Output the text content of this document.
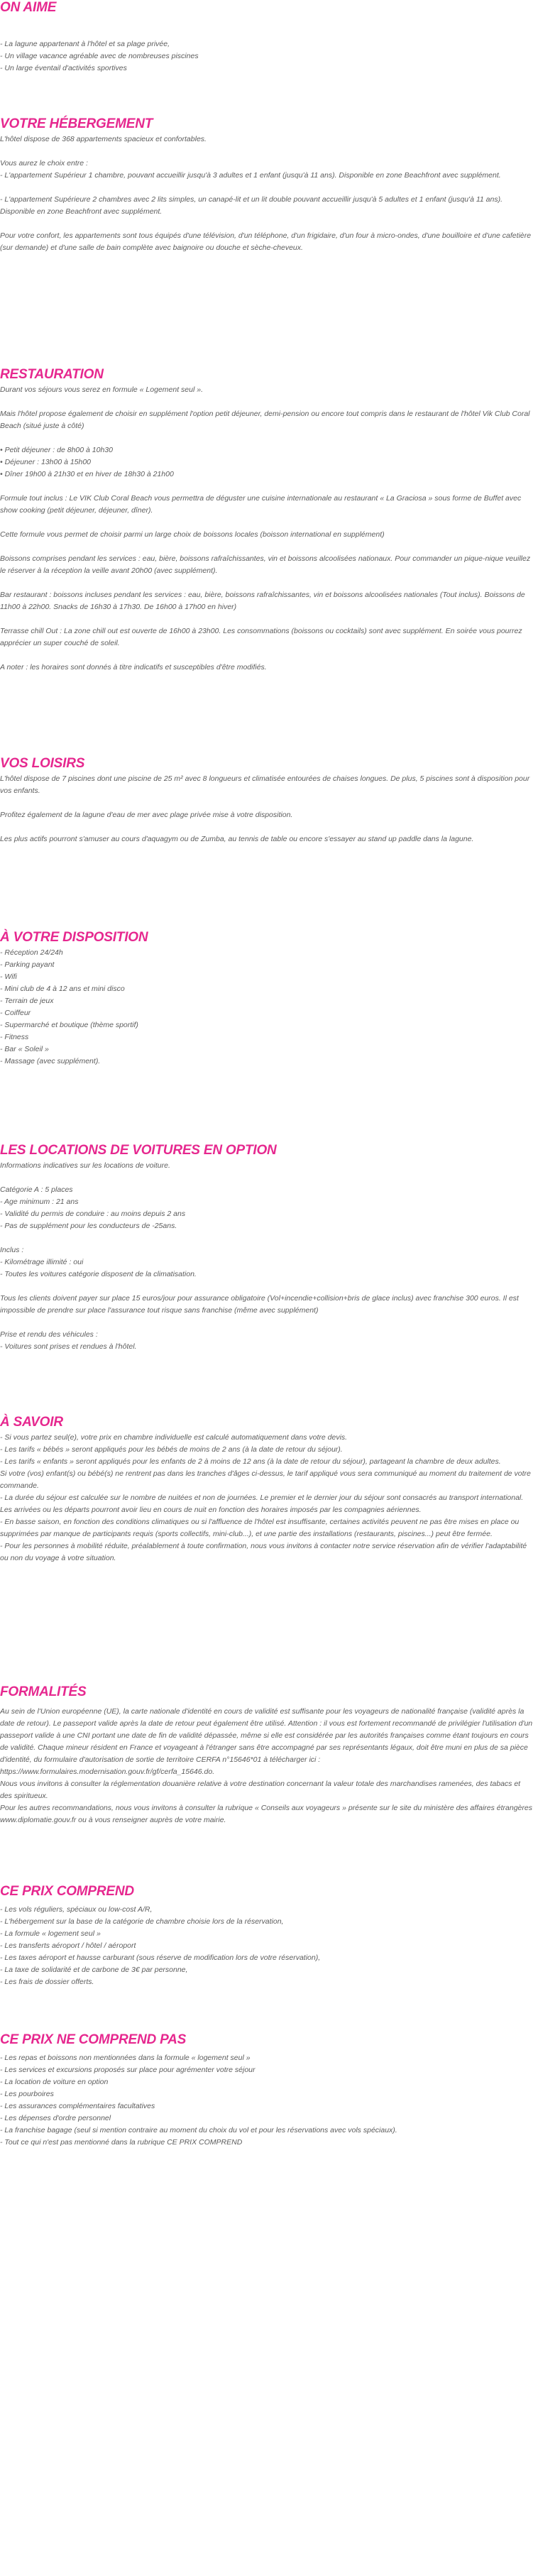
ON AIME

- La lagune appartenant à l'hôtel et sa plage privée,

- Un village vacance agréable avec de nombreuses piscines

- Un large éventail d'activités sportives

VOTRE HÉBERGEMENT

L'hôtel dispose de 368 appartements spacieux et confortables.

Vous aurez le choix entre :

- L'appartement Supérieur 1 chambre, pouvant accueillir jusqu'à 3 adultes et 1 enfant (jusqu'à 11 ans). Disponible en zone Beachfront avec supplément.

- L'appartement Supérieure 2 chambres avec 2 lits simples, un canapé-lit et un lit double pouvant accueillir jusqu'à 5 adultes et 1 enfant (jusqu'à 11 ans). Disponible en zone Beachfront avec supplément.

Pour votre confort, les appartements sont tous équipés d'une télévision, d'un téléphone, d'un frigidaire, d'un four à micro-ondes, d'une bouilloire et d'une cafetière (sur demande) et d'une salle de bain complète avec baignoire ou douche et sèche-cheveux.

RESTAURATION

Durant vos séjours vous serez en formule « Logement seul ».

Mais l'hôtel propose également de choisir en supplément l'option petit déjeuner, demi-pension ou encore tout compris dans le restaurant de l'hôtel Vik Club Coral Beach (situé juste à côté)

• Petit déjeuner : de 8h00 à 10h30

• Déjeuner : 13h00 à 15h00

• Dîner 19h00 à 21h30 et en hiver de 18h30 à 21h00

Formule tout inclus : Le VIK Club Coral Beach vous permettra de déguster une cuisine internationale au restaurant « La Graciosa » sous forme de Buffet avec show cooking (petit déjeuner, déjeuner, dîner).

Cette formule vous permet de choisir parmi un large choix de boissons locales (boisson international en supplément)

Boissons comprises pendant les services : eau, bière, boissons rafraîchissantes, vin et boissons alcoolisées nationaux. Pour commander un pique-nique veuillez le réserver à la réception la veille avant 20h00 (avec supplément).

Bar restaurant : boissons incluses pendant les services : eau, bière, boissons rafraîchissantes, vin et boissons alcoolisées nationales (Tout inclus). Boissons de 11h00 à 22h00. Snacks de 16h30 à 17h30. De 16h00 à 17h00 en hiver)

Terrasse chill Out : La zone chill out est ouverte de 16h00 à 23h00. Les consommations (boissons ou cocktails) sont avec supplément. En soirée vous pourrez apprécier un super couché de soleil.

A noter : les horaires sont donnés à titre indicatifs et susceptibles d'être modifiés.

VOS LOISIRS

L'hôtel dispose de 7 piscines dont une piscine de 25 m² avec 8 longueurs et climatisée entourées de chaises longues. De plus, 5 piscines sont à disposition pour vos enfants.

Profitez également de la lagune d'eau de mer avec plage privée mise à votre disposition.

Les plus actifs pourront s'amuser au cours d'aquagym ou de Zumba, au tennis de table ou encore s'essayer au stand up paddle dans la lagune.

À VOTRE DISPOSITION

- Réception 24/24h

- Parking payant

- Wifi

- Mini club de 4 à 12 ans et mini disco

- Terrain de jeux

- Coiffeur

- Supermarché et boutique (thème sportif)

- Fitness

- Bar « Soleil »

- Massage (avec supplément).

LES LOCATIONS DE VOITURES EN OPTION

Informations indicatives sur les locations de voiture.

Catégorie A : 5 places

- Age minimum : 21 ans

- Validité du permis de conduire : au moins depuis 2 ans

- Pas de supplément pour les conducteurs de -25ans.

Inclus :

- Kilométrage illimité : oui

- Toutes les voitures catégorie disposent de la climatisation.

Tous les clients doivent payer sur place 15 euros/jour pour assurance obligatoire (Vol+incendie+collision+bris de glace inclus) avec franchise 300 euros. Il est impossible de prendre sur place l'assurance tout risque sans franchise (même avec supplément)

Prise et rendu des véhicules :

- Voitures sont prises et rendues à l'hôtel.

À SAVOIR

- Si vous partez seul(e), votre prix en chambre individuelle est calculé automatiquement dans votre devis.

- Les tarifs « bébés » seront appliqués pour les bébés de moins de 2 ans (à la date de retour du séjour).

- Les tarifs « enfants » seront appliqués pour les enfants de 2 à moins de 12 ans (à la date de retour du séjour), partageant la chambre de deux adultes.

Si votre (vos) enfant(s) ou bébé(s) ne rentrent pas dans les tranches d'âges ci-dessus, le tarif appliqué vous sera communiqué au moment du traitement de votre commande.

- La durée du séjour est calculée sur le nombre de nuitées et non de journées. Le premier et le dernier jour du séjour sont consacrés au transport international. Les arrivées ou les départs pourront avoir lieu en cours de nuit en fonction des horaires imposés par les compagnies aériennes.

- En basse saison, en fonction des conditions climatiques ou si l'affluence de l'hôtel est insuffisante, certaines activités peuvent ne pas être mises en place ou supprimées par manque de participants requis (sports collectifs, mini-club...), et une partie des installations (restaurants, piscines...) peut être fermée.

- Pour les personnes à mobilité réduite, préalablement à toute confirmation, nous vous invitons à contacter notre service réservation afin de vérifier l'adaptabilité ou non du voyage à votre situation.

FORMALITÉS

Au sein de l'Union européenne (UE), la carte nationale d'identité en cours de validité est suffisante pour les voyageurs de nationalité française (validité après la date de retour). Le passeport valide après la date de retour peut également être utilisé. Attention : il vous est fortement recommandé de privilégier l'utilisation d'un passeport valide à une CNI portant une date de fin de validité dépassée, même si elle est considérée par les autorités françaises comme étant toujours en cours de validité. Chaque mineur résident en France et voyageant à l'étranger sans être accompagné par ses représentants légaux, doit être muni en plus de sa pièce d'identité, du formulaire d'autorisation de sortie de territoire CERFA n°15646*01 à télécharger ici :

https://www.formulaires.modernisation.gouv.fr/gf/cerfa_15646.do.

Nous vous invitons à consulter la réglementation douanière relative à votre destination concernant la valeur totale des marchandises ramenées, des tabacs et des spiritueux.

Pour les autres recommandations, nous vous invitons à consulter la rubrique « Conseils aux voyageurs » présente sur le site du ministère des affaires étrangères www.diplomatie.gouv.fr ou à vous renseigner auprès de votre mairie.

CE PRIX COMPREND

- Les vols réguliers, spéciaux ou low-cost A/R,

- L'hébergement sur la base de la catégorie de chambre choisie lors de la réservation,

- La formule « logement seul »

- Les transferts aéroport / hôtel / aéroport

- Les taxes aéroport et hausse carburant (sous réserve de modification lors de votre réservation),

- La taxe de solidarité et de carbone de 3€ par personne,

- Les frais de dossier offerts.

CE PRIX NE COMPREND PAS

- Les repas et boissons non mentionnées dans la formule « logement seul »

- Les services et excursions proposés sur place pour agrémenter votre séjour

- La location de voiture en option

- Les pourboires

- Les assurances complémentaires facultatives

- Les dépenses d'ordre personnel

- La franchise bagage (seul si mention contraire au moment du choix du vol et pour les réservations avec vols spéciaux).

- Tout ce qui n'est pas mentionné dans la rubrique CE PRIX COMPREND
